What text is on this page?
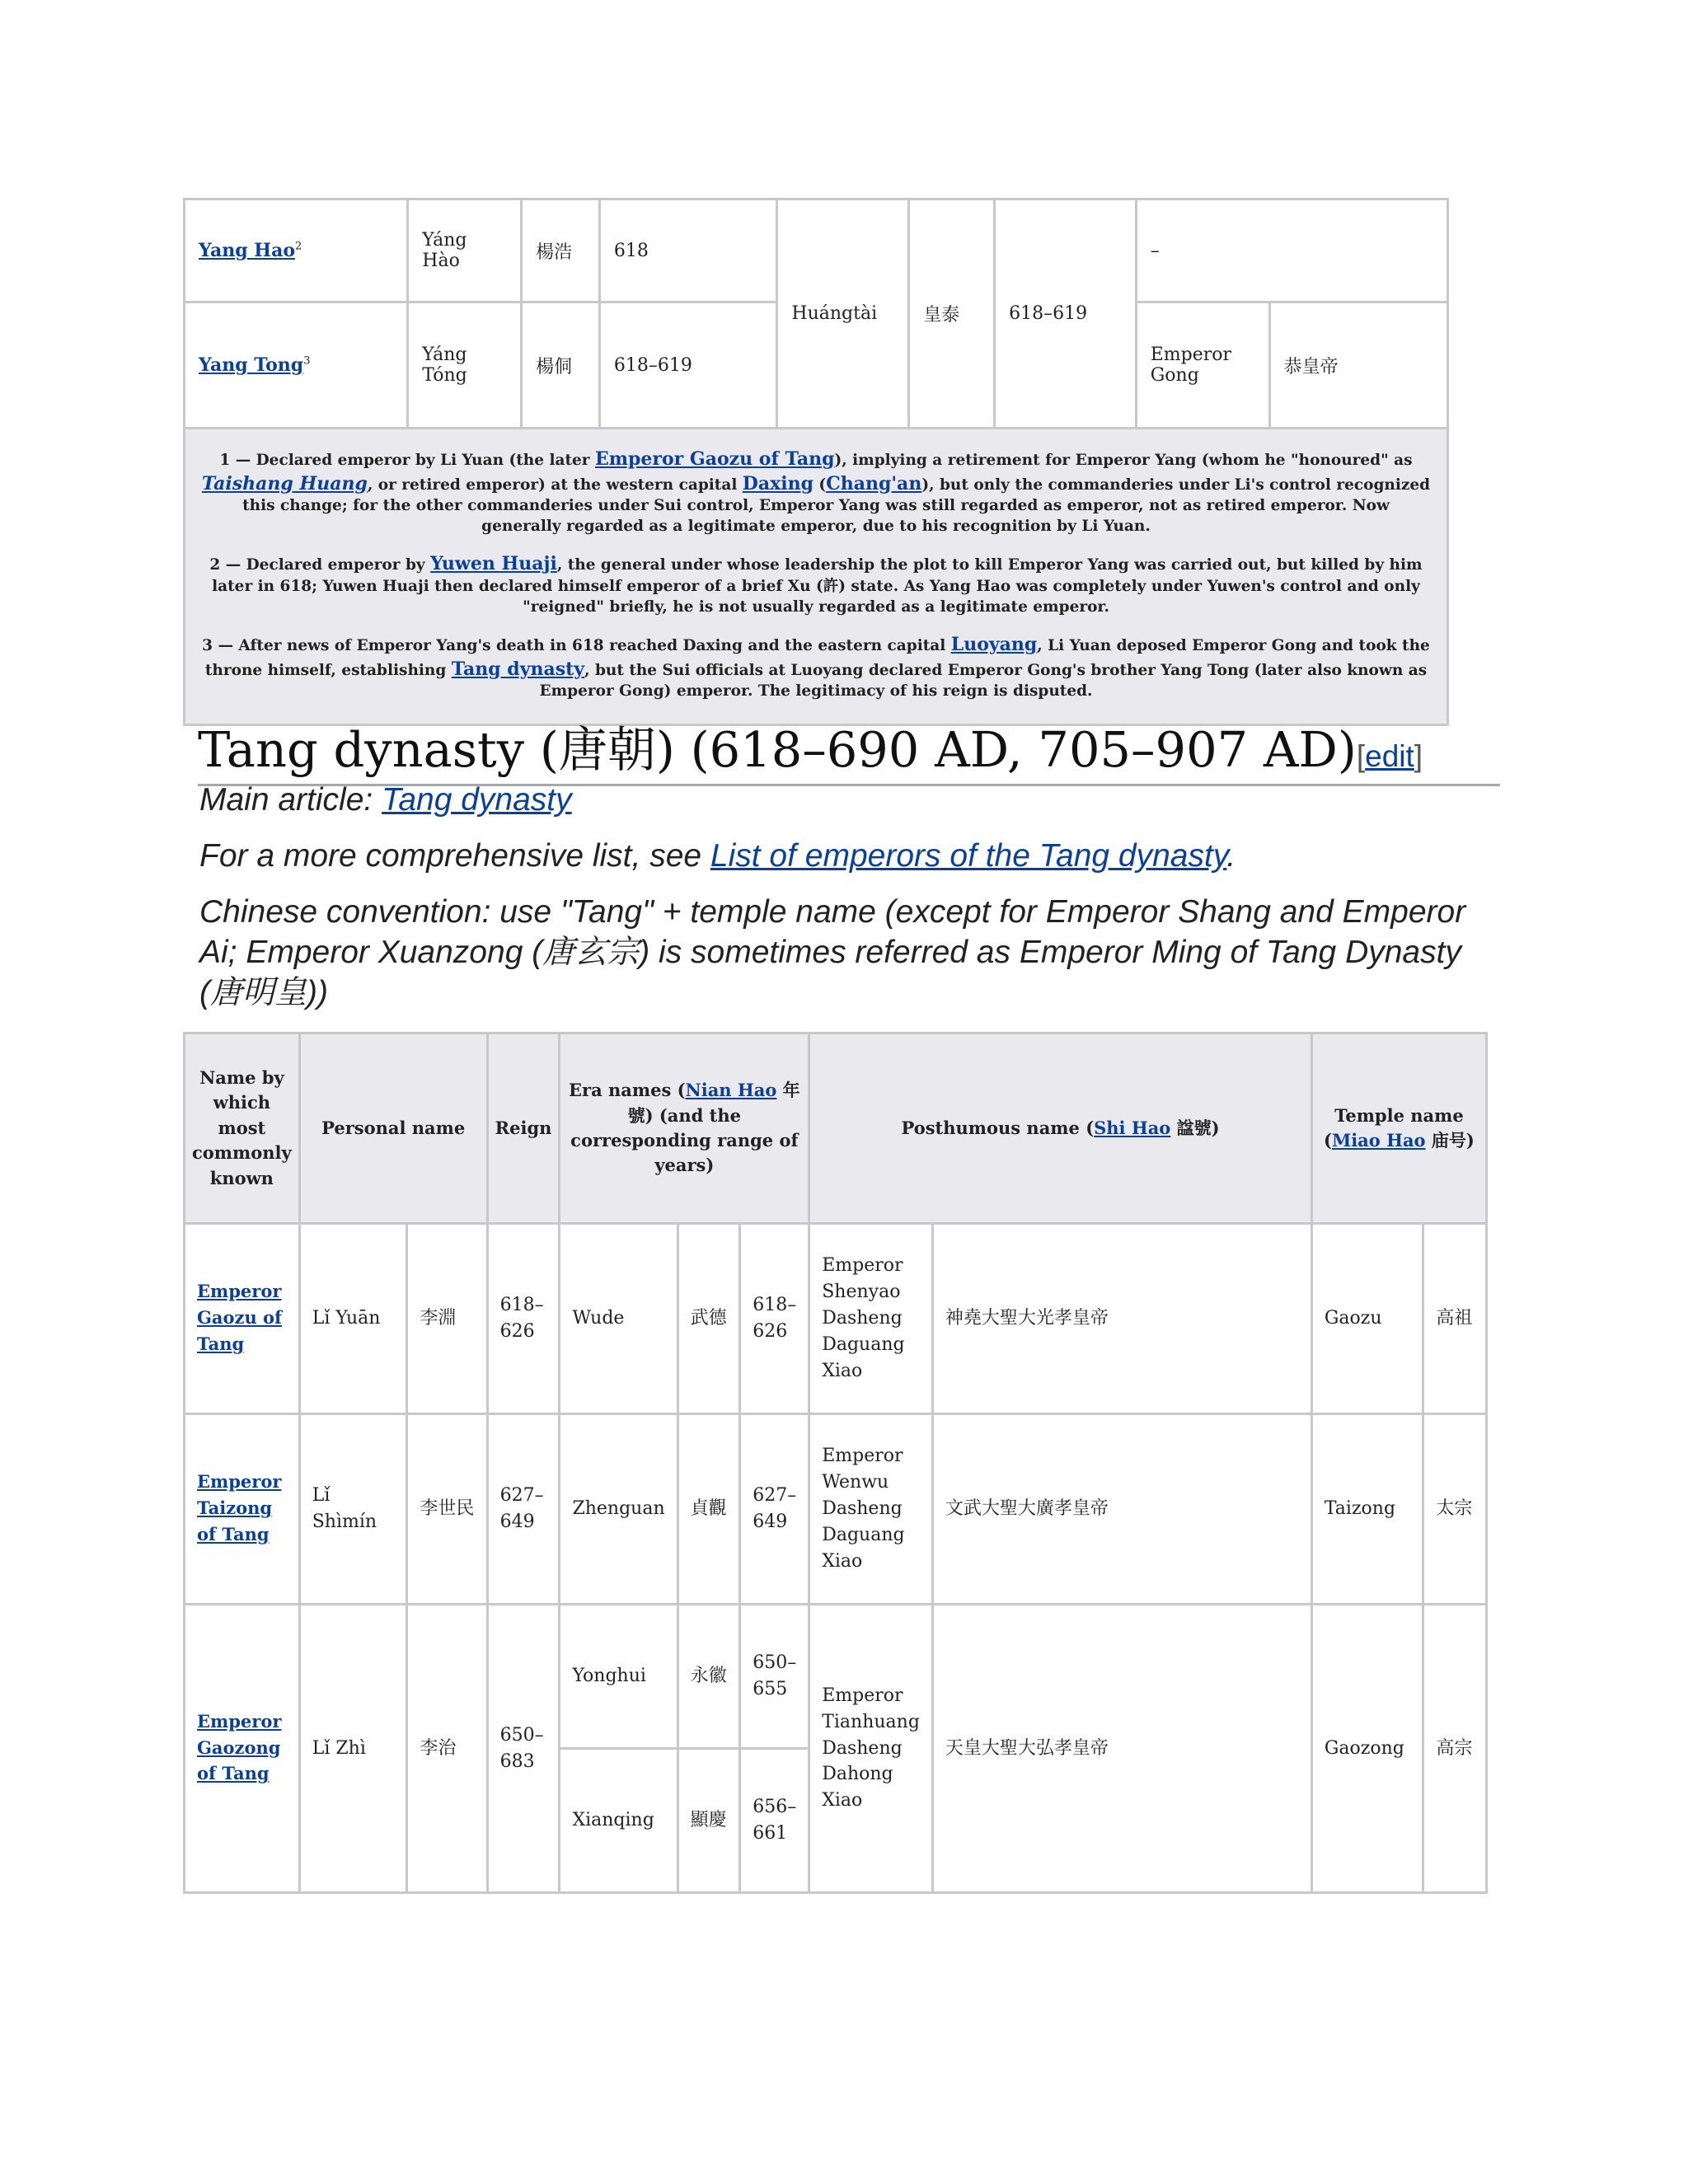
Yang Hao$^2$	Yáng Hào	楊浩	618	Huángtài	皇泰	618–619	–	
Yang Tong$^3$	Yáng Tóng	楊侗	618–619				Emperor Gong	恭皇帝

1 — Declared emperor by Li Yuan (the later Emperor Gaozu of Tang), implying a retirement for Emperor Yang (whom he "honoured" as Taishang Huang, or retired emperor) at the western capital Daxing (Chang'an), but only the commanderies under Li's control recognized this change; for the other commanderies under Sui control, Emperor Yang was still regarded as emperor, not as retired emperor. Now generally regarded as a legitimate emperor, due to his recognition by Li Yuan.

2 — Declared emperor by Yuwen Huaji, the general under whose leadership the plot to kill Emperor Yang was carried out, but killed by him later in 618; Yuwen Huaji then declared himself emperor of a brief Xu (許) state. As Yang Hao was completely under Yuwen's control and only "reigned" briefly, he is not usually regarded as a legitimate emperor.

3 — After news of Emperor Yang's death in 618 reached Daxing and the eastern capital Luoyang, Li Yuan deposed Emperor Gong and took the throne himself, establishing Tang dynasty, but the Sui officials at Luoyang declared Emperor Gong's brother Yang Tong (later also known as Emperor Gong) emperor. The legitimacy of his reign is disputed.								

Tang dynasty (唐朝) (618–690 AD, 705–907 AD)[edit]

Main article: Tang dynasty

For a more comprehensive list, see List of emperors of the Tang dynasty.

Chinese convention: use "Tang" + temple name (except for Emperor Shang and Emperor Ai; Emperor Xuanzong (唐玄宗) is sometimes referred as Emperor Ming of Tang Dynasty (唐明皇))

Name by which most commonly known	Personal name		Reign	Era names (Nian Hao 年號) (and the corresponding range of years)			Posthumous name (Shi Hao 諡號)		Temple name (Miao Hao 庙号)	
Emperor Gaozu of Tang	Lǐ Yuān	李淵	618–626	Wude	武德	618–626	Emperor Shenyao Dasheng Daguang Xiao	神堯大聖大光孝皇帝	Gaozu	高祖
Emperor Taizong of Tang	Lǐ Shìmín	李世民	627–649	Zhenguan	貞觀	627–649	Emperor Wenwu Dasheng Daguang Xiao	文武大聖大廣孝皇帝	Taizong	太宗
Emperor Gaozong of Tang	Lǐ Zhì	李治	650–683	Yonghui	永徽	650–655	Emperor Tianhuang Dasheng Dahong Xiao	天皇大聖大弘孝皇帝	Gaozong	高宗
				Xianqing	顯慶	656–661				
